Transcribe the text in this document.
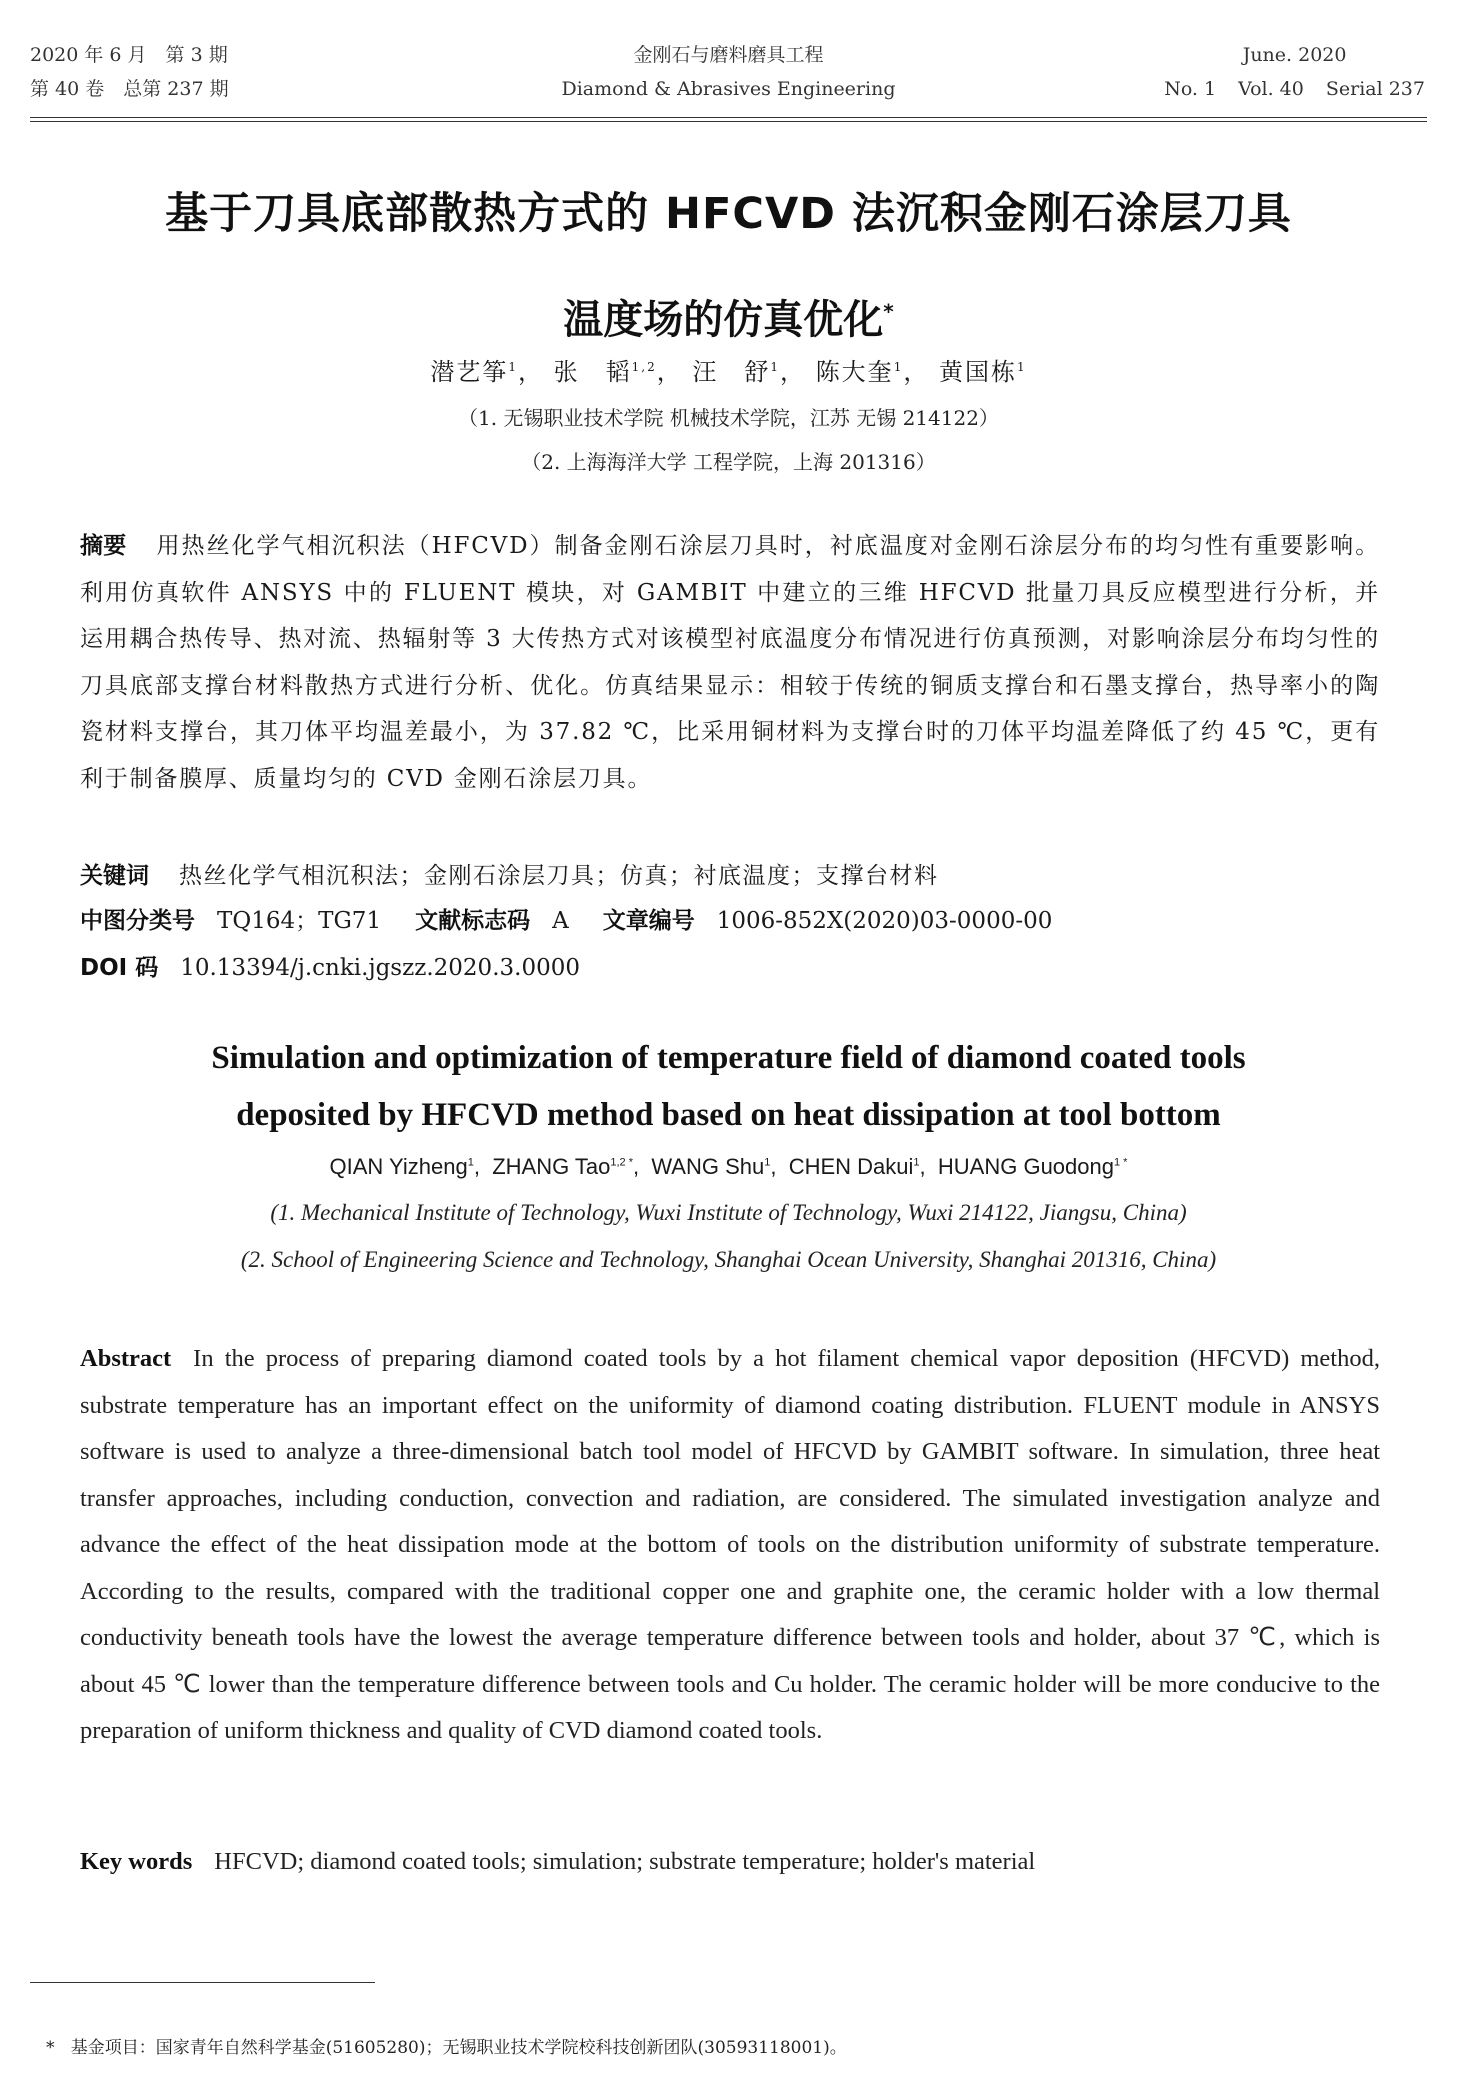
2020 年 6 月　第 3 期
第 40 卷　总第 237 期
金刚石与磨料磨具工程
Diamond & Abrasives Engineering
June. 2020
No. 1 Vol. 40 Serial 237
基于刀具底部散热方式的 HFCVD 法沉积金刚石涂层刀具
温度场的仿真优化*
潜艺筝$^1$， 张　韬$^{1,2}$， 汪　舒$^1$， 陈大奎$^1$， 黄国栋$^1$
（1. 无锡职业技术学院 机械技术学院，江苏 无锡 214122）
（2. 上海海洋大学 工程学院，上海 201316）
摘要 用热丝化学气相沉积法（HFCVD）制备金刚石涂层刀具时，衬底温度对金刚石涂层分布的均匀性有重要影响。利用仿真软件 ANSYS 中的 FLUENT 模块，对 GAMBIT 中建立的三维 HFCVD 批量刀具反应模型进行分析，并运用耦合热传导、热对流、热辐射等 3 大传热方式对该模型衬底温度分布情况进行仿真预测，对影响涂层分布均匀性的刀具底部支撑台材料散热方式进行分析、优化。仿真结果显示：相较于传统的铜质支撑台和石墨支撑台，热导率小的陶瓷材料支撑台，其刀体平均温差最小，为 37.82 ℃，比采用铜材料为支撑台时的刀体平均温差降低了约 45 ℃，更有利于制备膜厚、质量均匀的 CVD 金刚石涂层刀具。
关键词 热丝化学气相沉积法；金刚石涂层刀具；仿真；衬底温度；支撑台材料
中图分类号 TQ164；TG71 文献标志码 A 文章编号 1006-852X(2020)03-0000-00
DOI 码 10.13394/j.cnki.jgszz.2020.3.0000
Simulation and optimization of temperature field of diamond coated tools
deposited by HFCVD method based on heat dissipation at tool bottom
QIAN Yizheng$^1$,  ZHANG Tao$^{1,2 *}$,  WANG Shu$^1$,  CHEN Dakui$^1$,  HUANG Guodong$^{1 *}$
(1. Mechanical Institute of Technology, Wuxi Institute of Technology, Wuxi 214122, Jiangsu, China)
(2. School of Engineering Science and Technology, Shanghai Ocean University, Shanghai 201316, China)
Abstract In the process of preparing diamond coated tools by a hot filament chemical vapor deposition (HFCVD) method, substrate temperature has an important effect on the uniformity of diamond coating distribution. FLUENT module in ANSYS software is used to analyze a three-dimensional batch tool model of HFCVD by GAMBIT software. In simulation, three heat transfer approaches, including conduction, convection and radiation, are considered. The simulated investigation analyze and advance the effect of the heat dissipation mode at the bottom of tools on the distribution uniformity of substrate temperature. According to the results, compared with the traditional copper one and graphite one, the ceramic holder with a low thermal conductivity beneath tools have the lowest the average temperature difference between tools and holder, about 37 ℃, which is about 45 ℃ lower than the temperature difference between tools and Cu holder. The ceramic holder will be more conducive to the preparation of uniform thickness and quality of CVD diamond coated tools.
Key words HFCVD; diamond coated tools; simulation; substrate temperature; holder's material
* 基金项目：国家青年自然科学基金(51605280)；无锡职业技术学院校科技创新团队(30593118001)。
